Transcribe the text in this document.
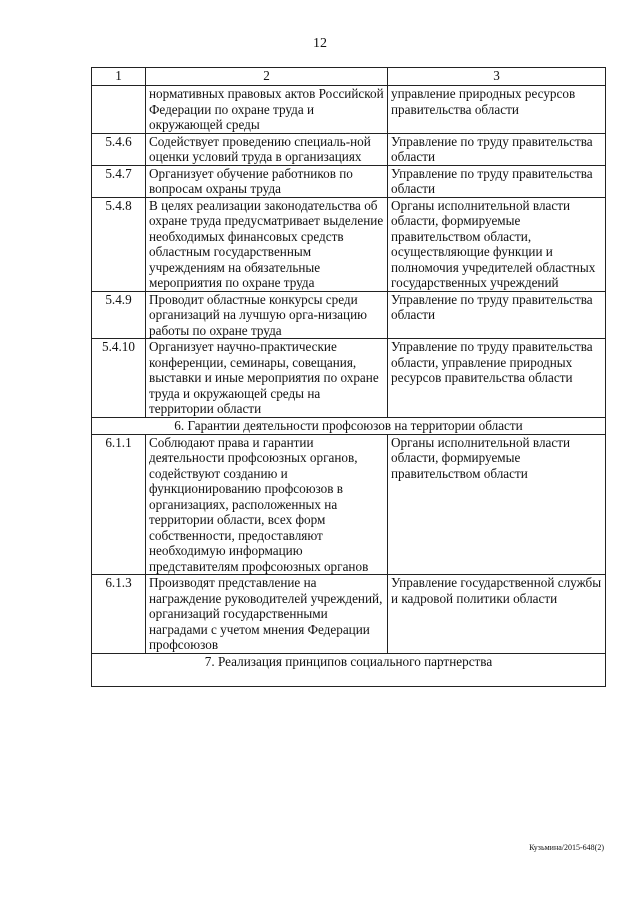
12
1	2	3
	нормативных правовых актов Российской Федерации по охране труда и окружающей среды	управление природных ресурсов правительства области
5.4.6	Содействует проведению специаль-ной оценки условий труда в организациях	Управление по труду правительства области
5.4.7	Организует обучение работников по вопросам охраны труда	Управление по труду правительства области
5.4.8	В целях реализации законодательства об охране труда предусматривает выделение необходимых финансовых средств областным государственным учреждениям на обязательные мероприятия по охране труда	Органы исполнительной власти области, формируемые правительством области, осуществляющие функции и полномочия учредителей областных государственных учреждений
5.4.9	Проводит областные конкурсы среди организаций на лучшую орга-низацию работы по охране труда	Управление по труду правительства области
5.4.10	Организует научно-практические конференции, семинары, совещания, выставки и иные мероприятия по охране труда и окружающей среды на территории области	Управление по труду правительства области, управление природных ресурсов правительства области
6. Гарантии деятельности профсоюзов на территории области		
6.1.1	Соблюдают права и гарантии деятельности профсоюзных органов, содействуют созданию и функционированию профсоюзов в организациях, расположенных на территории области, всех форм собственности, предоставляют необходимую информацию представителям профсоюзных органов	Органы исполнительной власти области, формируемые правительством области
6.1.3	Производят представление на награждение руководителей учреждений, организаций государственными наградами с учетом мнения Федерации профсоюзов	Управление государственной службы и кадровой политики области
7. Реализация принципов социального партнерства		
Кузьмина/2015-648(2)
